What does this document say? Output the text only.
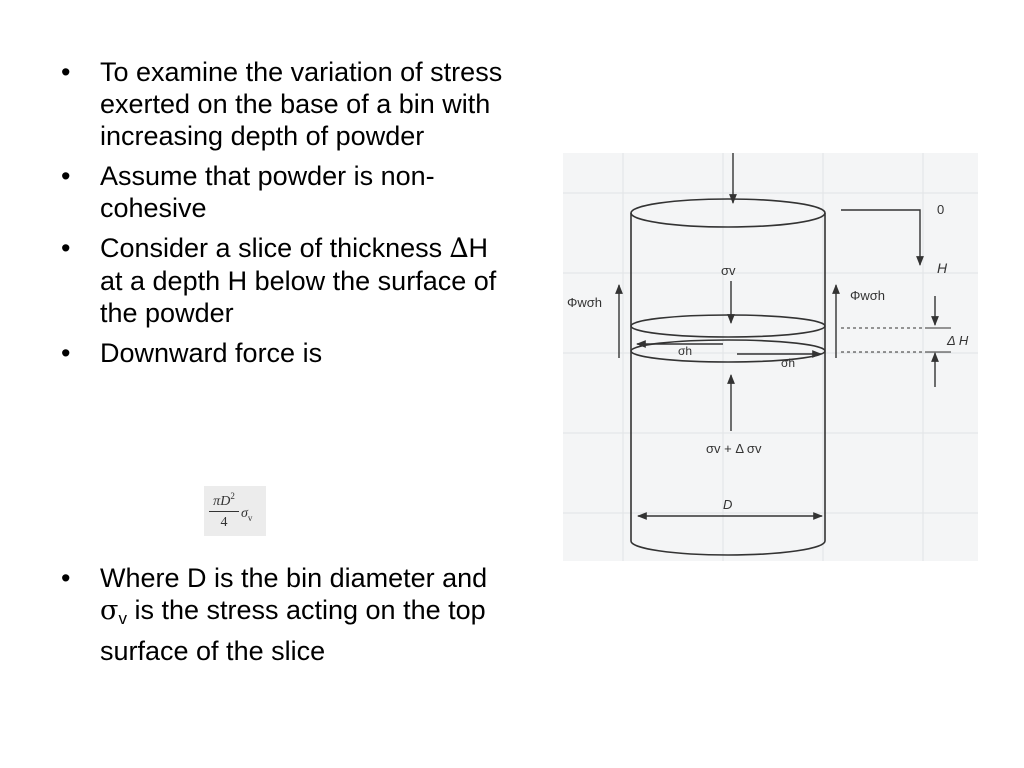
• To examine the variation of stress exerted on the base of a bin with increasing depth of powder
• Assume that powder is non-cohesive
• Consider a slice of thickness ∆H at a depth H below the surface of the powder
• Downward force is
$\pi D^2$
4
$\sigma_v$
• Where D is the bin diameter and $\sigma_v$ is the stress acting on the top surface of the slice
0
H
σv
Φwσh	Φwσh
σh
σh
Δ H
σv + Δ σv
D
